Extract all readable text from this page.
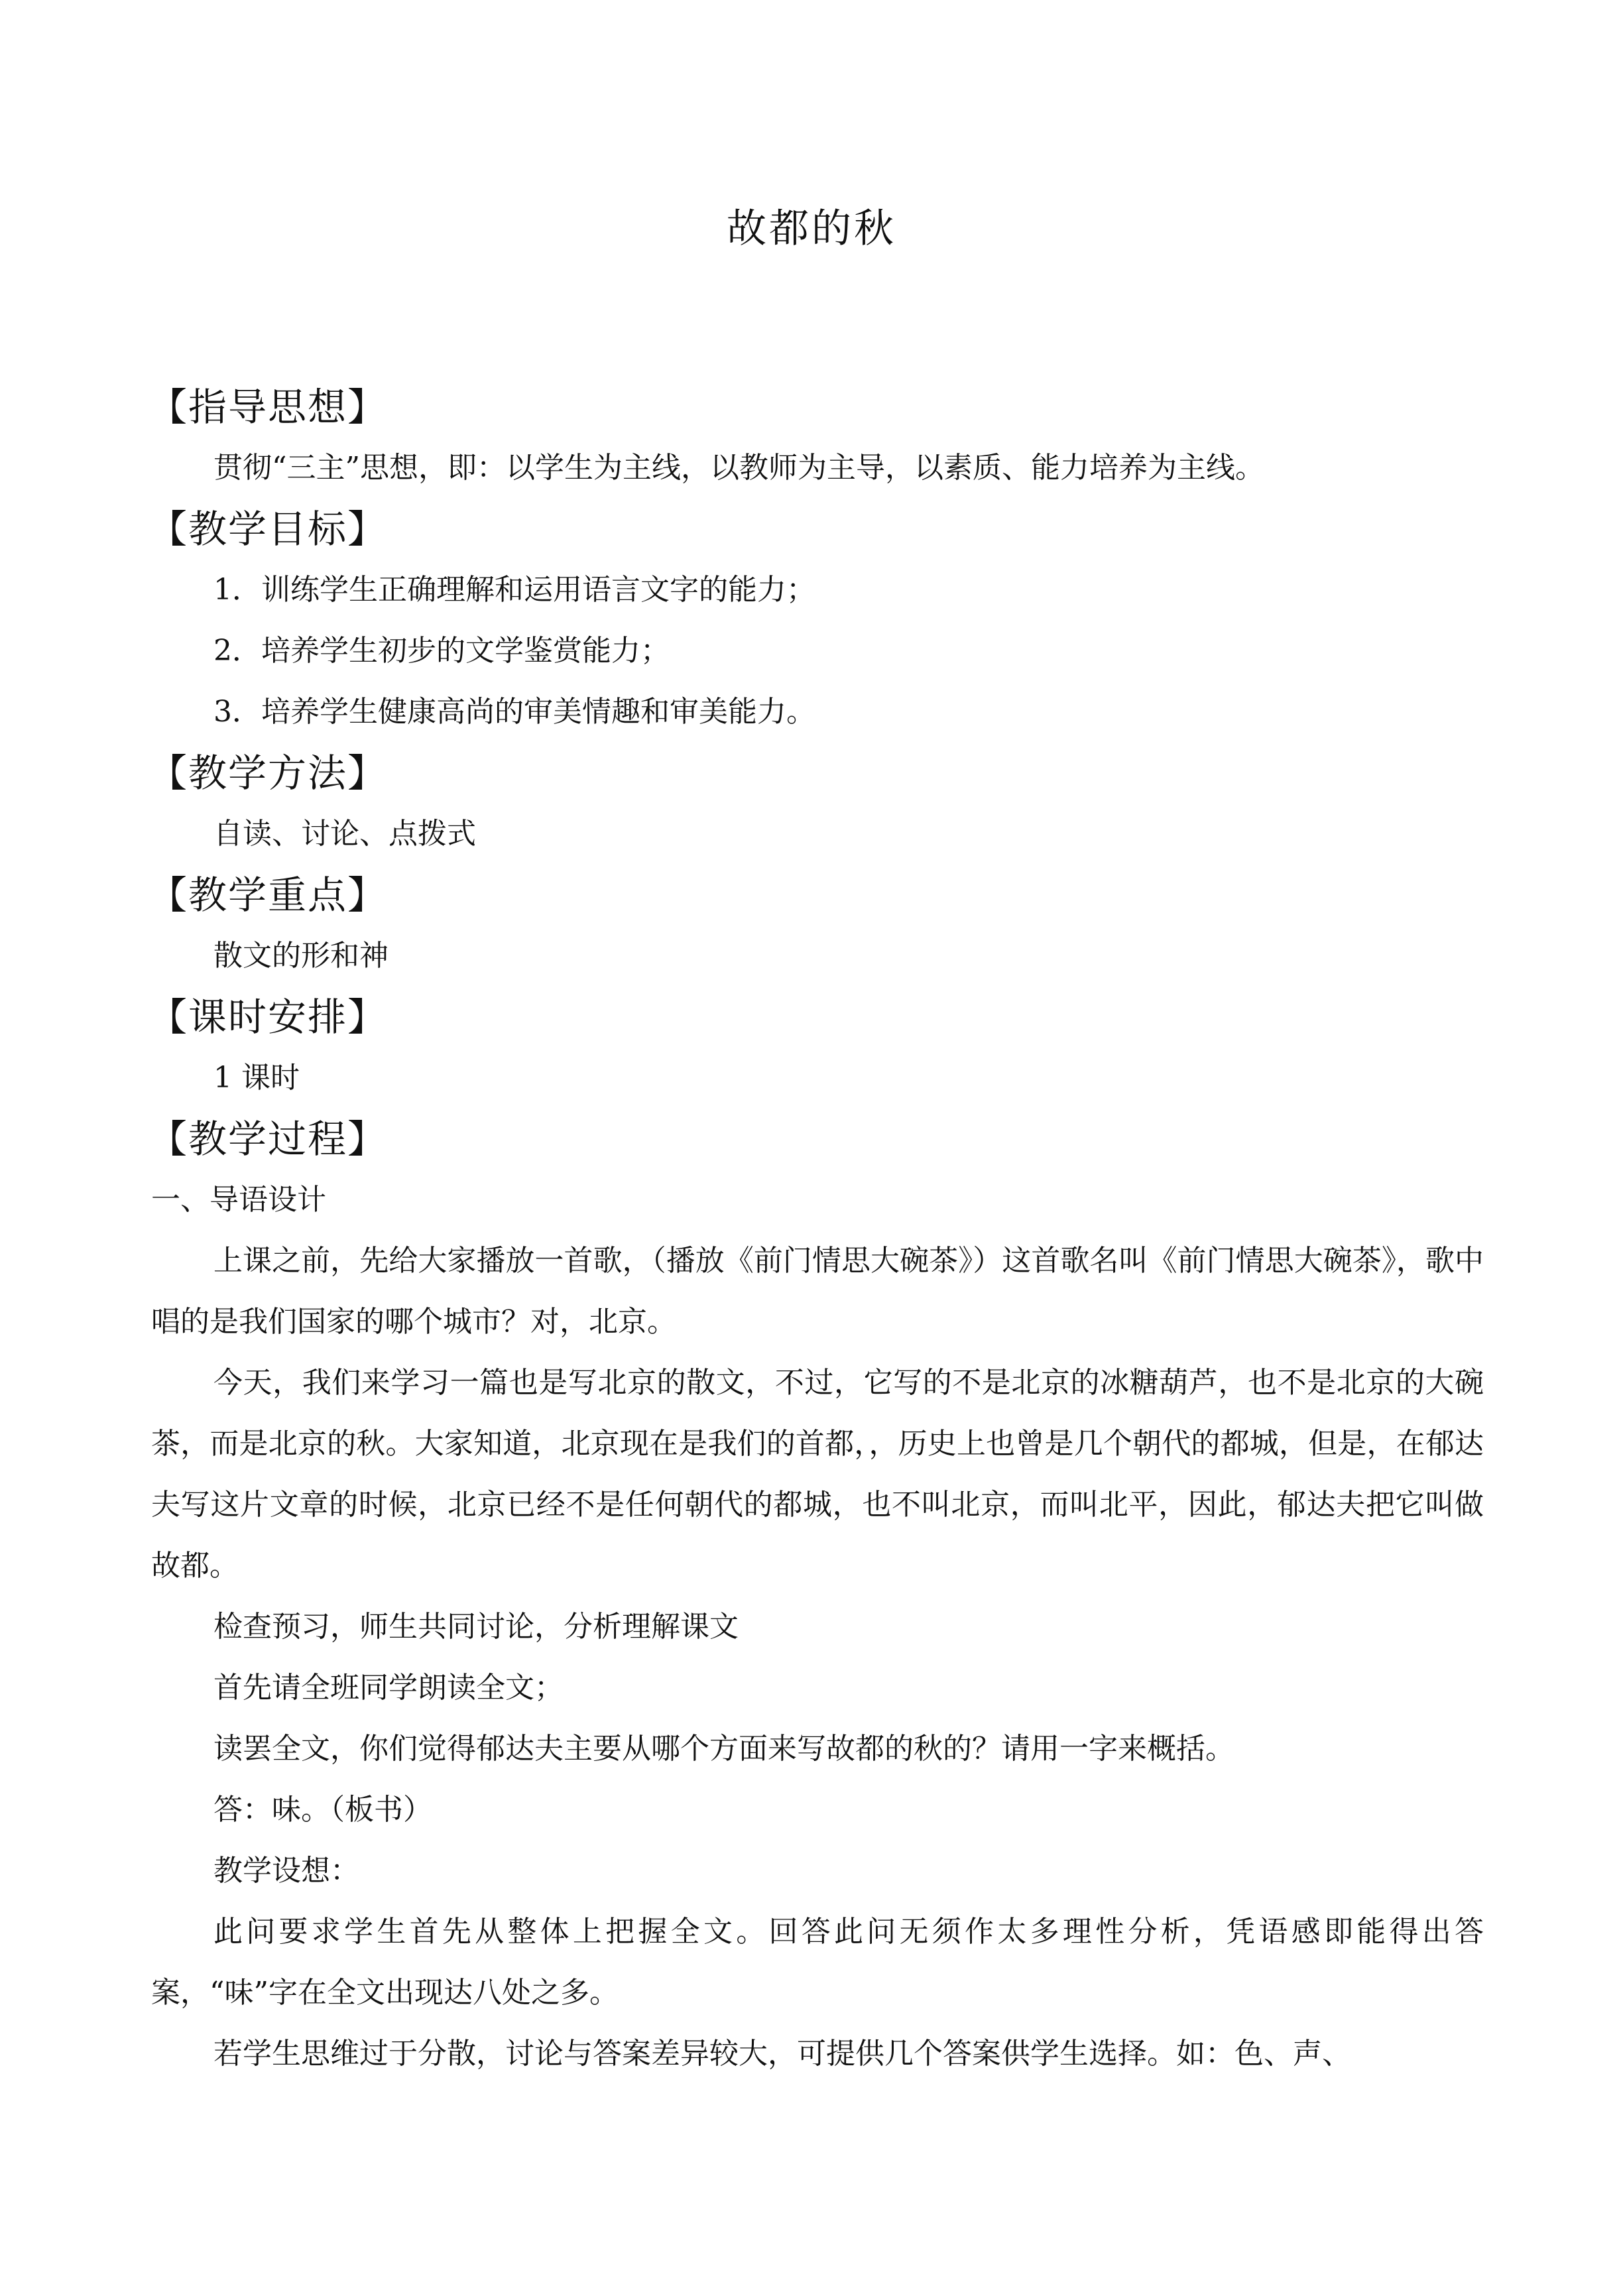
故都的秋
【指导思想】
贯彻“三主”思想，即：以学生为主线，以教师为主导，以素质、能力培养为主线。
【教学目标】
1．训练学生正确理解和运用语言文字的能力；
2．培养学生初步的文学鉴赏能力；
3．培养学生健康高尚的审美情趣和审美能力。
【教学方法】
自读、讨论、点拨式
【教学重点】
散文的形和神
【课时安排】
1 课时
【教学过程】
一、导语设计
上课之前，先给大家播放一首歌，（播放《前门情思大碗茶》）这首歌名叫《前门情思大碗茶》，歌中唱的是我们国家的哪个城市？对，北京。
今天，我们来学习一篇也是写北京的散文，不过，它写的不是北京的冰糖葫芦，也不是北京的大碗茶，而是北京的秋。大家知道，北京现在是我们的首都，，历史上也曾是几个朝代的都城，但是，在郁达夫写这片文章的时候，北京已经不是任何朝代的都城，也不叫北京，而叫北平，因此，郁达夫把它叫做故都。
检查预习，师生共同讨论，分析理解课文
首先请全班同学朗读全文；
读罢全文，你们觉得郁达夫主要从哪个方面来写故都的秋的？请用一字来概括。
答：味。（板书）
教学设想：
此问要求学生首先从整体上把握全文。回答此问无须作太多理性分析，凭语感即能得出答案，“味”字在全文出现达八处之多。
若学生思维过于分散，讨论与答案差异较大，可提供几个答案供学生选择。如：色、声、
